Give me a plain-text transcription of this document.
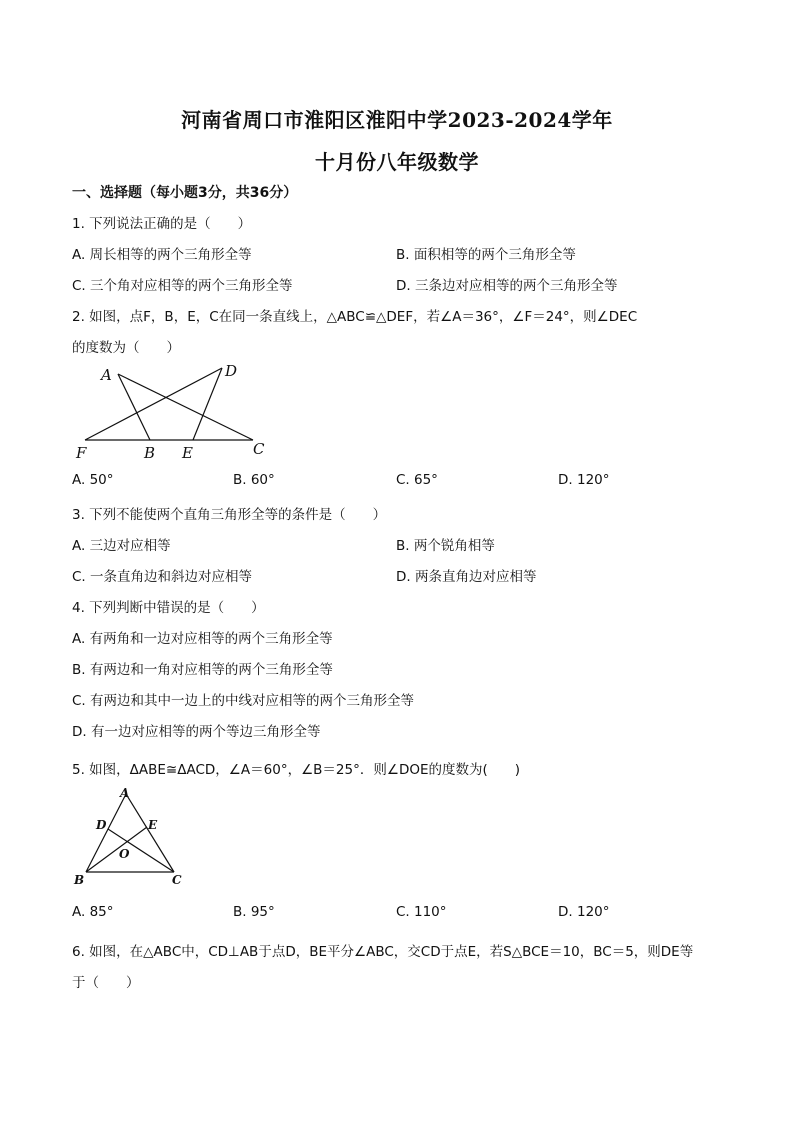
河南省周口市淮阳区淮阳中学2023-2024学年
十月份八年级数学
一、选择题（每小题3分，共36分）
1. 下列说法正确的是（　　）
A. 周长相等的两个三角形全等	B. 面积相等的两个三角形全等
C. 三个角对应相等的两个三角形全等	D. 三条边对应相等的两个三角形全等
2. 如图，点F，B，E，C在同一条直线上，△ABC≌△DEF，若∠A＝36°，∠F＝24°，则∠DEC
的度数为（　　）
A	D
F	B E	C
A. 50°	B. 60°	C. 65°	D. 120°
3. 下列不能使两个直角三角形全等的条件是（　　）
A. 三边对应相等	B. 两个锐角相等
C. 一条直角边和斜边对应相等	D. 两条直角边对应相等
4. 下列判断中错误的是（　　）
A. 有两角和一边对应相等的两个三角形全等
B. 有两边和一角对应相等的两个三角形全等
C. 有两边和其中一边上的中线对应相等的两个三角形全等
D. 有一边对应相等的两个等边三角形全等
5. 如图，ΔABE≅ΔACD，∠A＝60°，∠B＝25°．则∠DOE的度数为(　　)
A
D	E
O
B	C
A. 85°	B. 95°	C. 110°	D. 120°
6. 如图，在△ABC中，CD⊥AB于点D，BE平分∠ABC，交CD于点E，若S△BCE＝10，BC＝5，则DE等
于（　　）
